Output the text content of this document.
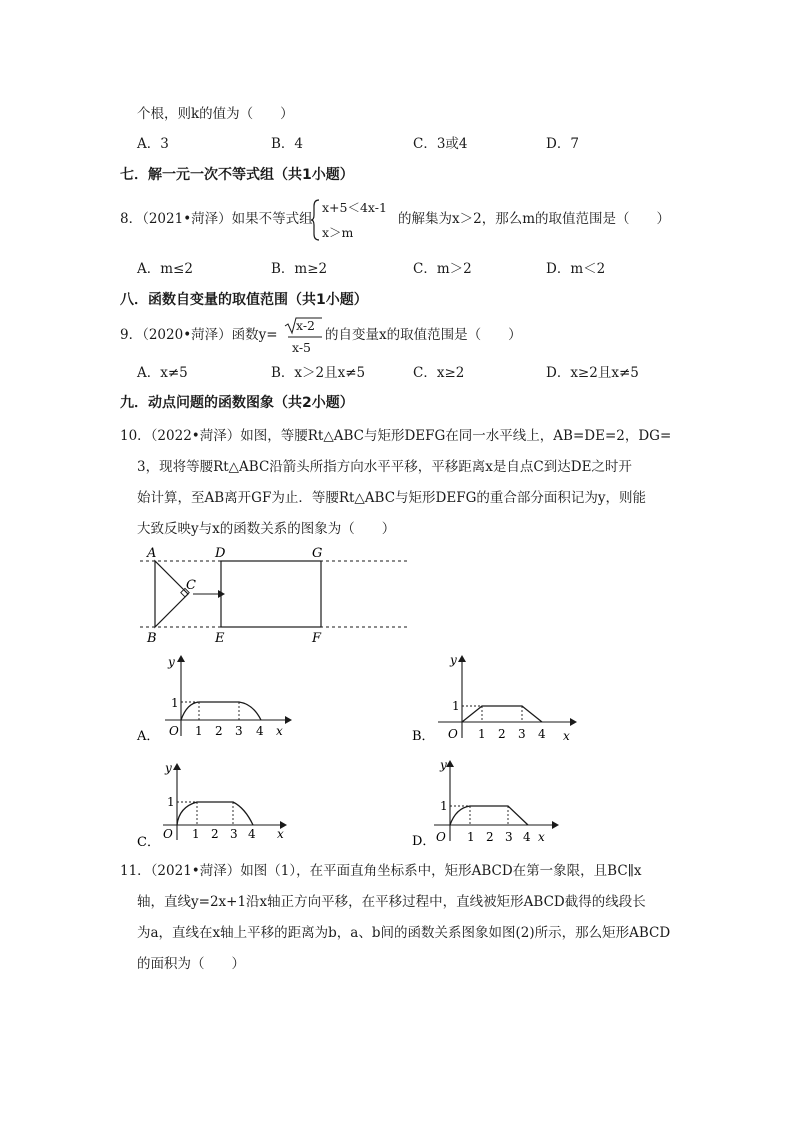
个根，则k的值为（　　）
A．3	B．4	C．3或4	D．7
七．解一元一次不等式组（共1小题）
8．（2021•菏泽）如果不等式组
x+5＜4x-1
x＞m
的解集为x＞2，那么m的取值范围是（　　）
A．m≤2	B．m≥2	C．m＞2	D．m＜2
八．函数自变量的取值范围（共1小题）
9．（2020•菏泽）函数y=
x-2
x-5
的自变量x的取值范围是（　　）
A．x≠5	B．x＞2且x≠5	C．x≥2	D．x≥2且x≠5
九．动点问题的函数图象（共2小题）
10．（2022•菏泽）如图，等腰Rt△ABC与矩形DEFG在同一水平线上，AB=DE=2，DG=
3，现将等腰Rt△ABC沿箭头所指方向水平平移，平移距离x是自点C到达DE之时开
始计算，至AB离开GF为止．等腰Rt△ABC与矩形DEFG的重合部分面积记为y，则能
大致反映y与x的函数关系的图象为（　　）
A
B
C
D
E	F
G
A．
y
1
O 1 2 3 4 x	B．
y
1
O 1 2 3 4 x
C．
y
1
O 1 2 3 4 x	D．
y
1
O 1 2 3 4 x
11．（2021•菏泽）如图（1），在平面直角坐标系中，矩形ABCD在第一象限，且BC∥x
轴，直线y=2x+1沿x轴正方向平移，在平移过程中，直线被矩形ABCD截得的线段长
为a，直线在x轴上平移的距离为b，a、b间的函数关系图象如图(2)所示，那么矩形ABCD
的面积为（　　）
